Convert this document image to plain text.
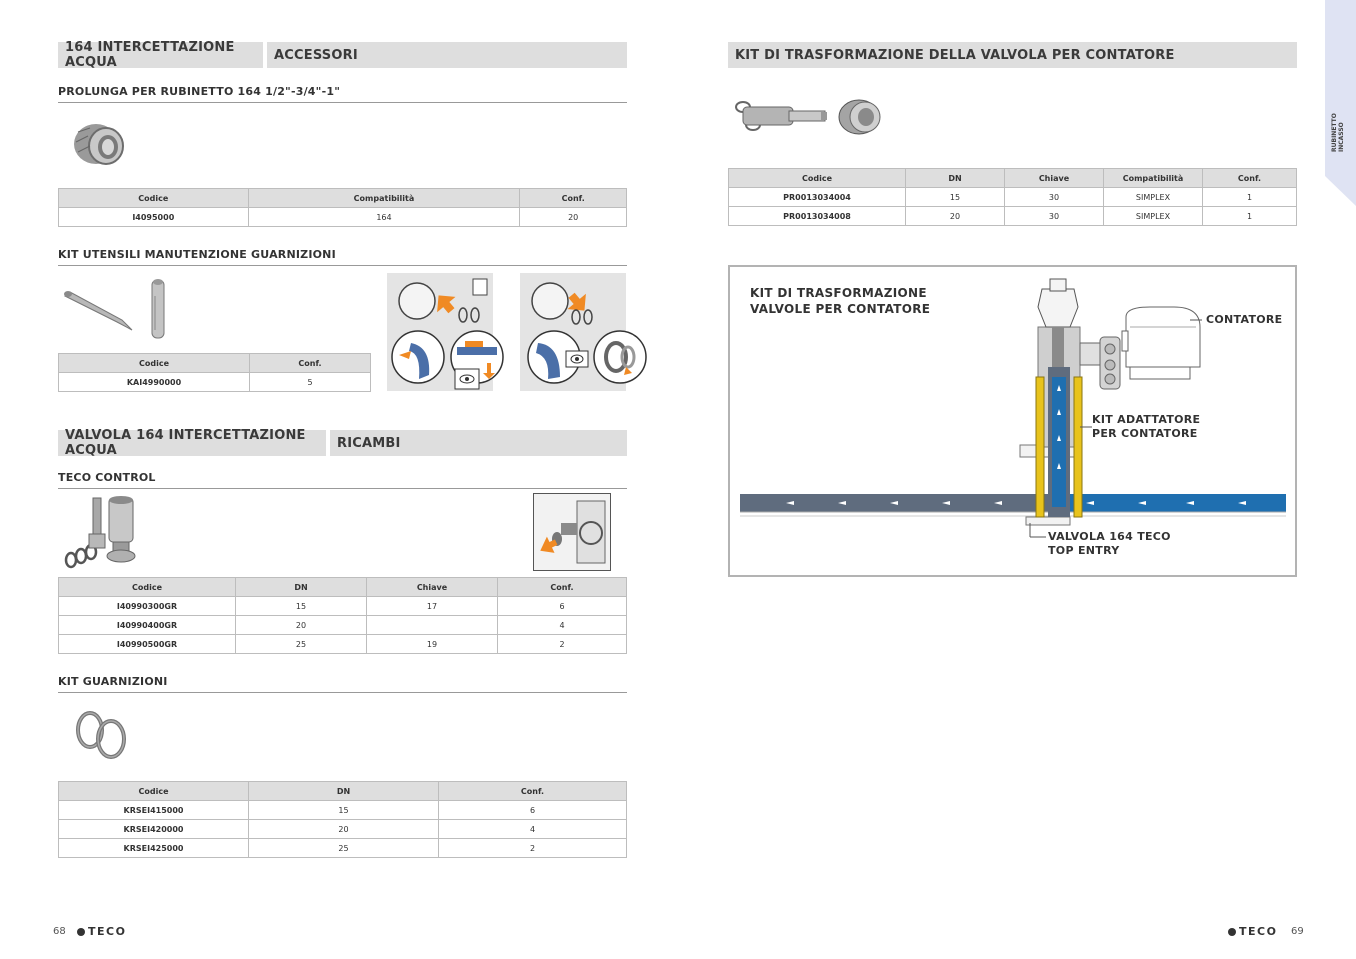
164 INTERCETTAZIONE ACQUA	ACCESSORI
PROLUNGA PER RUBINETTO 164 1/2"-3/4"-1"
Codice	Compatibilità	Conf.
I4095000	164	20
KIT UTENSILI MANUTENZIONE GUARNIZIONI
Codice	Conf.
KAI4990000	5
VALVOLA 164 INTERCETTAZIONE ACQUA	RICAMBI
TECO CONTROL
Codice	DN	Chiave	Conf.
I40990300GR	15	17	6
I40990400GR	20		4
I40990500GR	25	19	2
KIT GUARNIZIONI
Codice	DN	Conf.
KRSEI415000	15	6
KRSEI420000	20	4
KRSEI425000	25	2
68 TECO
KIT DI TRASFORMAZIONE DELLA VALVOLA PER CONTATORE
Codice	DN	Chiave	Compatibilità	Conf.
PR0013034004	15	30	SIMPLEX	1
PR0013034008	20	30	SIMPLEX	1
KIT DI TRASFORMAZIONE
VALVOLE PER CONTATORE
CONTATORE
KIT ADATTATORE
PER CONTATORE
VALVOLA 164 TECO
TOP ENTRY
RUBINETTO INCASSO
TECO 69
